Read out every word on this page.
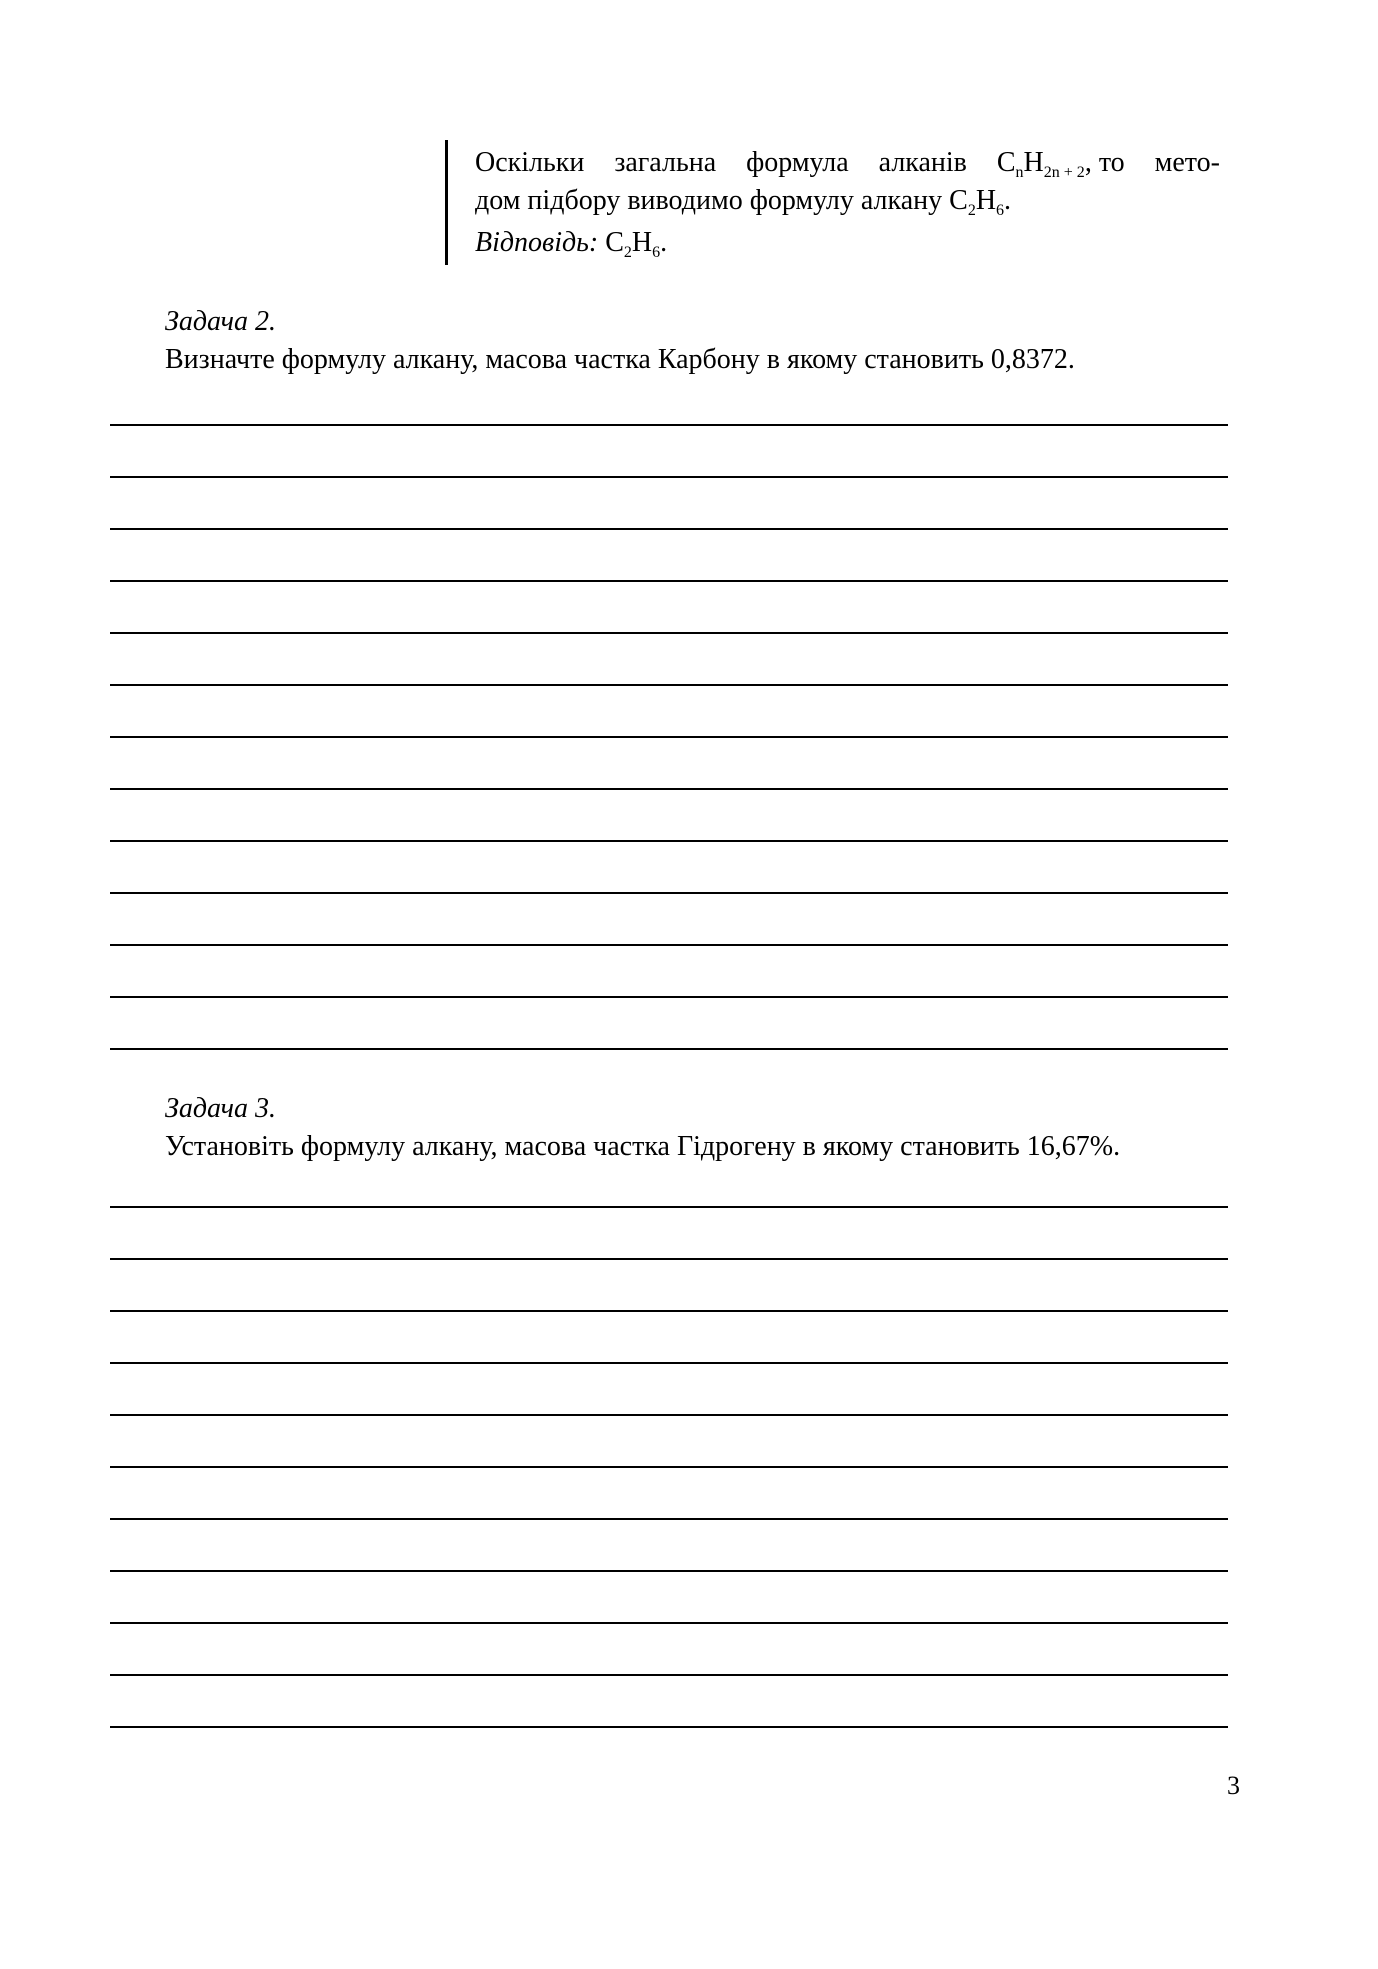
Оскільки загальна формула алканів $C_nH_{2n + 2}$, то мето-
дом підбору виводимо формулу алкану $C_2H_6$.
Відповідь: $C_2H_6$.
Задача 2.
Визначте формулу алкану, масова частка Карбону в якому становить 0,8372.
Задача 3.
Установіть формулу алкану, масова частка Гідрогену в якому становить 16,67%.
3
